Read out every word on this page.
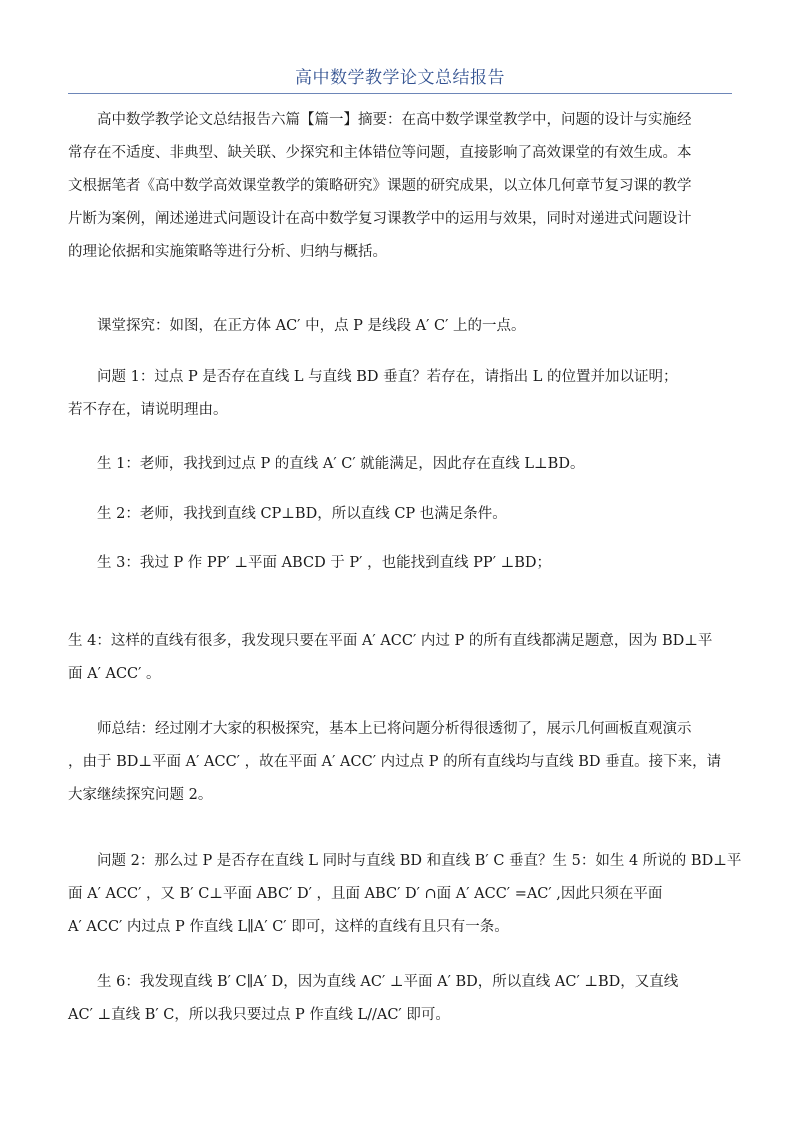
高中数学教学论文总结报告
高中数学教学论文总结报告六篇【篇一】摘要：在高中数学课堂教学中，问题的设计与实施经
常存在不适度、非典型、缺关联、少探究和主体错位等问题，直接影响了高效课堂的有效生成。本
文根据笔者《高中数学高效课堂教学的策略研究》课题的研究成果，以立体几何章节复习课的教学
片断为案例，阐述递进式问题设计在高中数学复习课教学中的运用与效果，同时对递进式问题设计
的理论依据和实施策略等进行分析、归纳与概括。
课堂探究：如图，在正方体 AC′ 中，点 P 是线段 A′ C′ 上的一点。
问题 1：过点 P 是否存在直线 L 与直线 BD 垂直？若存在，请指出 L 的位置并加以证明；
若不存在，请说明理由。
生 1：老师，我找到过点 P 的直线 A′ C′ 就能满足，因此存在直线 L⊥BD。
生 2：老师，我找到直线 CP⊥BD，所以直线 CP 也满足条件。
生 3：我过 P 作 PP′ ⊥平面 ABCD 于 P′ ，也能找到直线 PP′ ⊥BD；
生 4：这样的直线有很多，我发现只要在平面 A′ ACC′ 内过 P 的所有直线都满足题意，因为 BD⊥平
面 A′ ACC′ 。
师总结：经过刚才大家的积极探究，基本上已将问题分析得很透彻了，展示几何画板直观演示
，由于 BD⊥平面 A′ ACC′ ，故在平面 A′ ACC′ 内过点 P 的所有直线均与直线 BD 垂直。接下来，请
大家继续探究问题 2。
问题 2：那么过 P 是否存在直线 L 同时与直线 BD 和直线 B′ C 垂直？生 5：如生 4 所说的 BD⊥平
面 A′ ACC′ ，又 B′ C⊥平面 ABC′ D′ ，且面 ABC′ D′ ∩面 A′ ACC′ =AC′ ,因此只须在平面
A′ ACC′ 内过点 P 作直线 L∥A′ C′ 即可，这样的直线有且只有一条。
生 6：我发现直线 B′ C∥A′ D，因为直线 AC′ ⊥平面 A′ BD，所以直线 AC′ ⊥BD，又直线
AC′ ⊥直线 B′ C，所以我只要过点 P 作直线 L//AC′ 即可。
